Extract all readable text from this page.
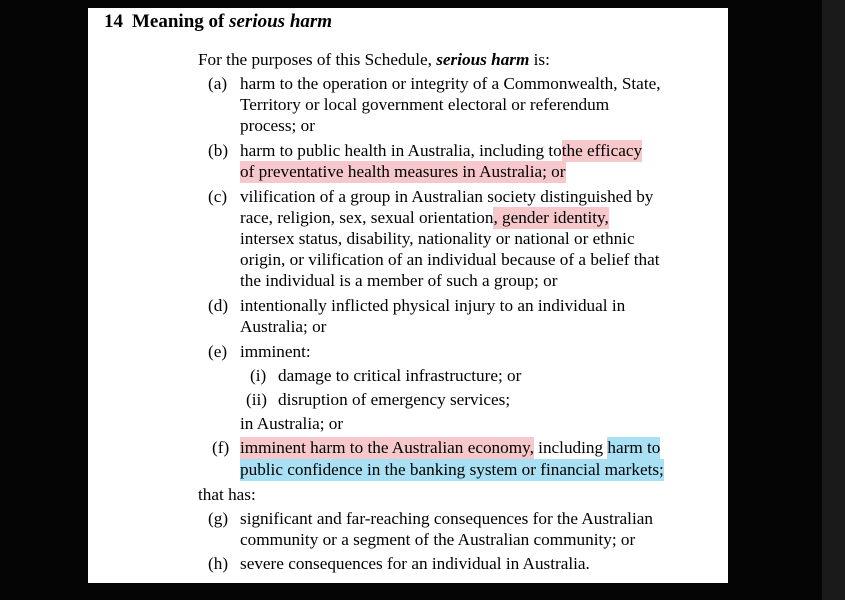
14 Meaning of serious harm

For the purposes of this Schedule, serious harm is:

(a) harm to the operation or integrity of a Commonwealth, State,

Territory or local government electoral or referendum

process; or

(b) harm to public health in Australia, including tothe efficacy

of preventative health measures in Australia; or

(c) vilification of a group in Australian society distinguished by

race, religion, sex, sexual orientation, gender identity,

intersex status, disability, nationality or national or ethnic

origin, or vilification of an individual because of a belief that

the individual is a member of such a group; or

(d) intentionally inflicted physical injury to an individual in

Australia; or

(e) imminent:

(i) damage to critical infrastructure; or

(ii) disruption of emergency services;

in Australia; or

(f) imminent harm to the Australian economy, including harm to

public confidence in the banking system or financial markets;

that has:

(g) significant and far-reaching consequences for the Australian

community or a segment of the Australian community; or

(h) severe consequences for an individual in Australia.
